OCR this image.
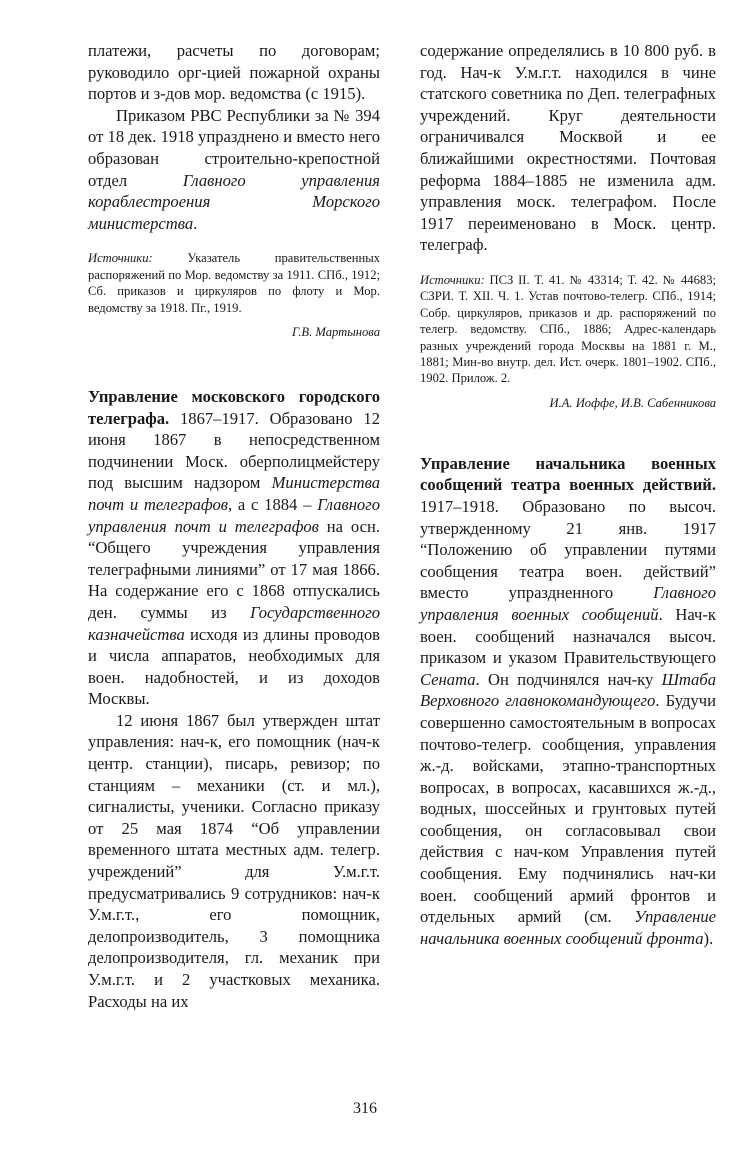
платежи, расчеты по договорам; руководило орг-цией пожарной охраны портов и з-дов мор. ведомства (с 1915).

Приказом РВС Республики за № 394 от 18 дек. 1918 упразднено и вместо него образован строительно-крепостной отдел Главного управления кораблестроения Морского министерства.

Источники: Указатель правительственных распоряжений по Мор. ведомству за 1911. СПб., 1912; Сб. приказов и циркуляров по флоту и Мор. ведомству за 1918. Пг., 1919.

Г.В. Мартынова

Управление московского городского телеграфа. 1867–1917. Образовано 12 июня 1867 в непосредственном подчинении Моск. оберполицмейстеру под высшим надзором Министерства почт и телеграфов, а с 1884 – Главного управления почт и телеграфов на осн. “Общего учреждения управления телеграфными линиями” от 17 мая 1866. На содержание его с 1868 отпускались ден. суммы из Государственного казначейства исходя из длины проводов и числа аппаратов, необходимых для воен. надобностей, и из доходов Москвы.

12 июня 1867 был утвержден штат управления: нач-к, его помощник (нач-к центр. станции), писарь, ревизор; по станциям – механики (ст. и мл.), сигналисты, ученики. Согласно приказу от 25 мая 1874 “Об управлении временного штата местных адм. телегр. учреждений” для У.м.г.т. предусматривались 9 сотрудников: нач-к У.м.г.т., его помощник, делопроизводитель, 3 помощника делопроизводителя, гл. механик при У.м.г.т. и 2 участковых механика. Расходы на их

содержание определялись в 10 800 руб. в год. Нач-к У.м.г.т. находился в чине статского советника по Деп. телеграфных учреждений. Круг деятельности ограничивался Москвой и ее ближайшими окрестностями. Почтовая реформа 1884–1885 не изменила адм. управления моск. телеграфом. После 1917 переименовано в Моск. центр. телеграф.

Источники: ПСЗ II. Т. 41. № 43314; Т. 42. № 44683; СЗРИ. Т. XII. Ч. 1. Устав почтово-телегр. СПб., 1914; Собр. циркуляров, приказов и др. распоряжений по телегр. ведомству. СПб., 1886; Адрес-календарь разных учреждений города Москвы на 1881 г. М., 1881; Мин-во внутр. дел. Ист. очерк. 1801–1902. СПб., 1902. Прилож. 2.

И.А. Иоффе, И.В. Сабенникова

Управление начальника военных сообщений театра военных действий. 1917–1918. Образовано по высоч. утвержденному 21 янв. 1917 “Положению об управлении путями сообщения театра воен. действий” вместо упраздненного Главного управления военных сообщений. Нач-к воен. сообщений назначался высоч. приказом и указом Правительствующего Сената. Он подчинялся нач-ку Штаба Верховного главнокомандующего. Будучи совершенно самостоятельным в вопросах почтово-телегр. сообщения, управления ж.-д. войсками, этапно-транспортных вопросах, в вопросах, касавшихся ж.-д., водных, шоссейных и грунтовых путей сообщения, он согласовывал свои действия с нач-ком Управления путей сообщения. Ему подчинялись нач-ки воен. сообщений армий фронтов и отдельных армий (см. Управление начальника военных сообщений фронта).

316
